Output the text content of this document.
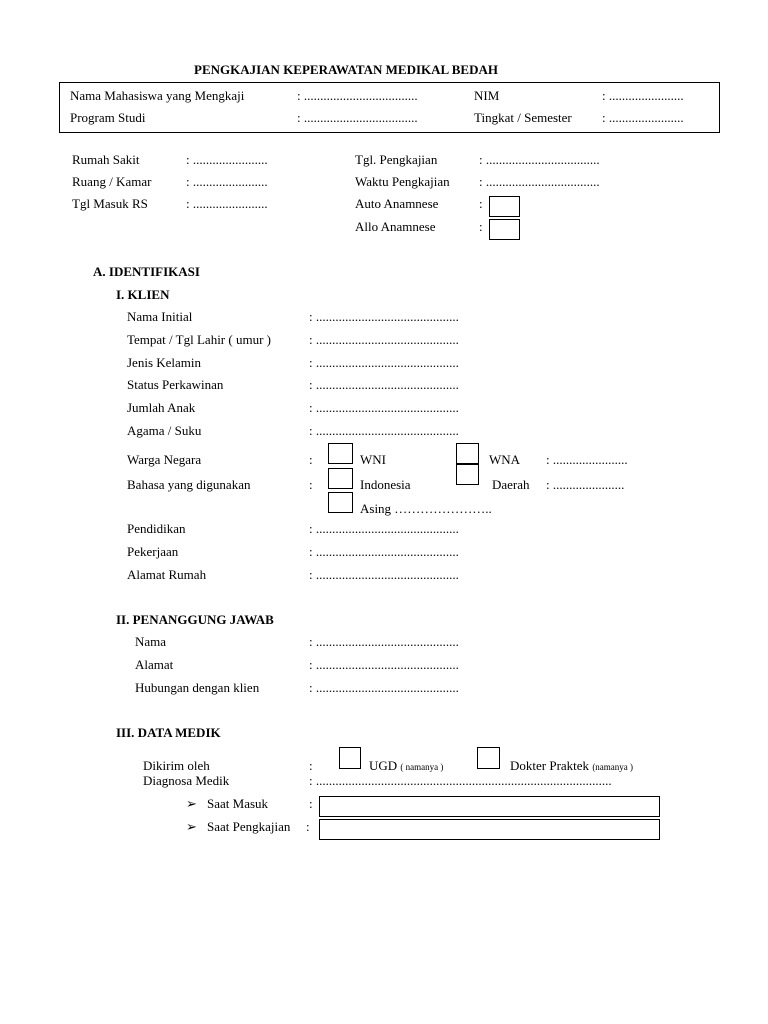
PENGKAJIAN KEPERAWATAN MEDIKAL BEDAH
Nama Mahasiswa yang Mengkaji	: ...................................	NIM	: .......................
Program Studi	: ...................................	Tingkat / Semester : .......................
Rumah Sakit	: .......................
Ruang / Kamar	: .......................
Tgl Masuk RS	: .......................
Tgl. Pengkajian	: ...................................
Waktu Pengkajian : ...................................
Auto Anamnese	:
Allo Anamnese	:
A. IDENTIFIKASI
I. KLIEN
Nama Initial	: ............................................
Tempat / Tgl Lahir ( umur )	: ............................................
Jenis Kelamin	: ............................................
Status Perkawinan	: ............................................
Jumlah Anak	: ............................................
Agama / Suku	: ............................................
Warga Negara	:	WNI	WNA : .......................
Bahasa yang digunakan	:	Indonesia	Daerah : ......................
Asing …………………..
Pendidikan	: ............................................
Pekerjaan	: ............................................
Alamat Rumah	: ............................................
II. PENANGGUNG JAWAB
Nama	: ............................................
Alamat	: ............................................
Hubungan dengan klien	: ............................................
III. DATA MEDIK
Dikirim oleh	:	UGD ( namanya )	Dokter Praktek (namanya )
Diagnosa Medik	: ...........................................................................................
➢ Saat Masuk	:
➢ Saat Pengkajian :
